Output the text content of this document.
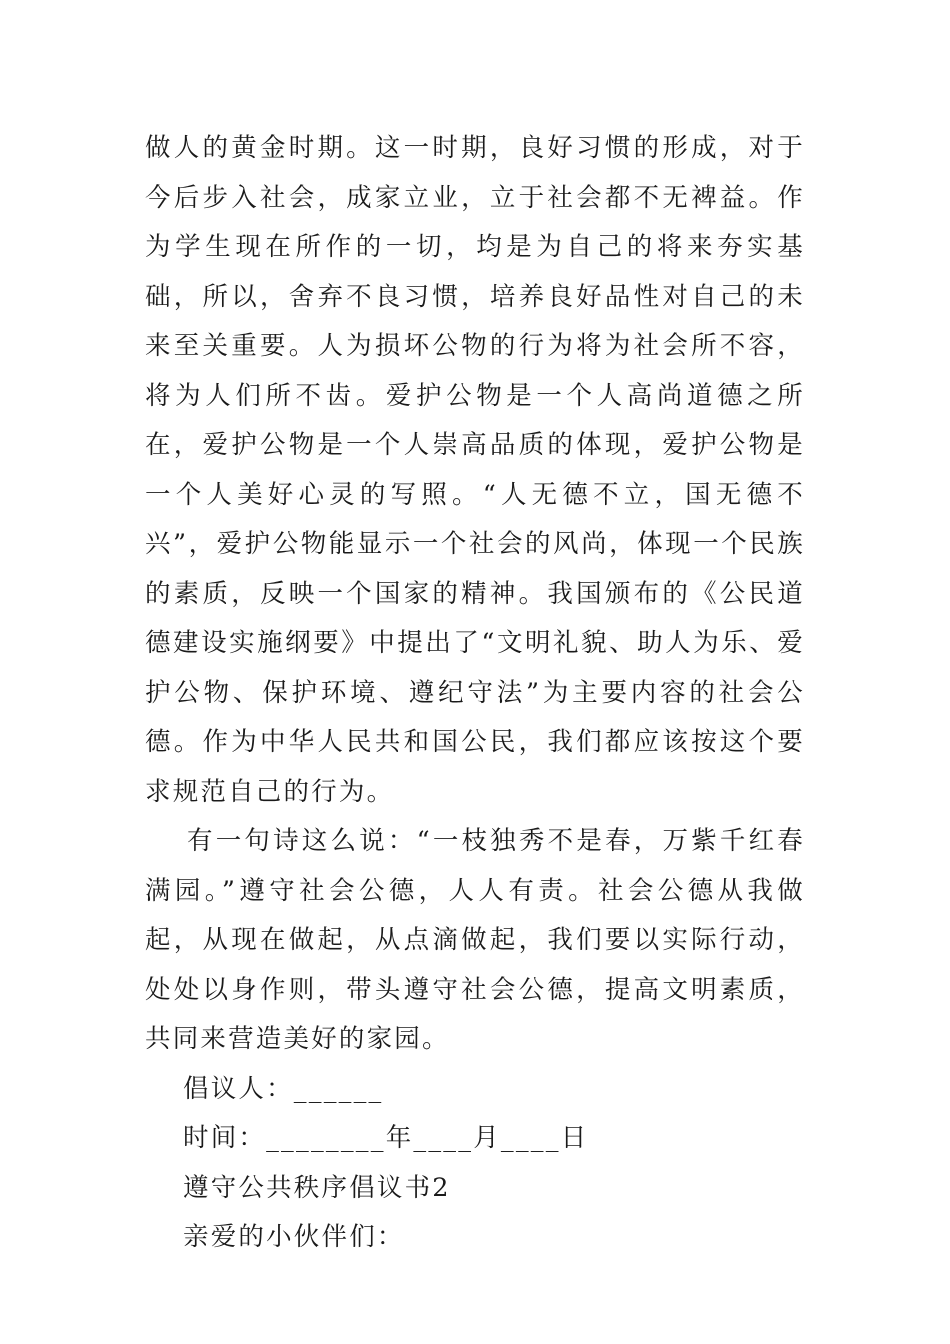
做人的黄金时期。这一时期，良好习惯的形成，对于今后步入社会，成家立业，立于社会都不无裨益。作为学生现在所作的一切，均是为自己的将来夯实基础，所以，舍弃不良习惯，培养良好品性对自己的未来至关重要。人为损坏公物的行为将为社会所不容，将为人们所不齿。爱护公物是一个人高尚道德之所在，爱护公物是一个人崇高品质的体现，爱护公物是一个人美好心灵的写照。“人无德不立，国无德不兴”，爱护公物能显示一个社会的风尚，体现一个民族的素质，反映一个国家的精神。我国颁布的《公民道德建设实施纲要》中提出了“文明礼貌、助人为乐、爱护公物、保护环境、遵纪守法”为主要内容的社会公德。作为中华人民共和国公民，我们都应该按这个要求规范自己的行为。

有一句诗这么说：“一枝独秀不是春，万紫千红春满园。”遵守社会公德，人人有责。社会公德从我做起，从现在做起，从点滴做起，我们要以实际行动，处处以身作则，带头遵守社会公德，提高文明素质，共同来营造美好的家园。

倡议人：______

时间：________年____月____日

遵守公共秩序倡议书2

亲爱的小伙伴们：
